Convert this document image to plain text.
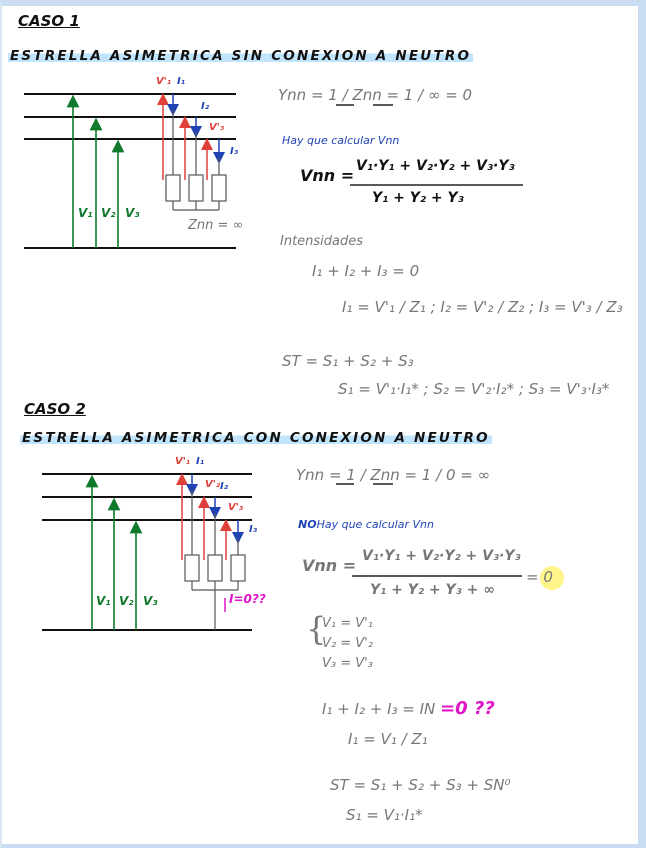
CASO 1
ESTRELLA ASIMETRICA SIN CONEXION A NEUTRO
V₁ V₂ V₃
V'₁ I₁
I₂
V'₃
I₃
Znn = ∞
Ynn = 1 / Znn = 1 / ∞ = 0
Hay que calcular Vnn
Vnn = V₁·Y₁ + V₂·Y₂ + V₃·Y₃
Y₁ + Y₂ + Y₃
Intensidades
I₁ + I₂ + I₃ = 0
I₁ = V'₁ / Z₁ ; I₂ = V'₂ / Z₂ ; I₃ = V'₃ / Z₃
ST = S₁ + S₂ + S₃
S₁ = V'₁·I₁* ; S₂ = V'₂·I₂* ; S₃ = V'₃·I₃*
CASO 2
ESTRELLA ASIMETRICA CON CONEXION A NEUTRO
V₁ V₂ V₃
V'₁ I₁
V'₂ I₂
V'₃
I₃
I=0??
Ynn = 1 / Znn = 1 / 0 = ∞
NOHay que calcular Vnn
Vnn = V₁·Y₁ + V₂·Y₂ + V₃·Y₃
Y₁ + Y₂ + Y₃ + ∞
= 0
{
V₁ = V'₁
V₂ = V'₂
V₃ = V'₃
I₁ + I₂ + I₃ = IN =0 ??
I₁ = V₁ / Z₁
ST = S₁ + S₂ + S₃ + SN⁰
S₁ = V₁·I₁*
